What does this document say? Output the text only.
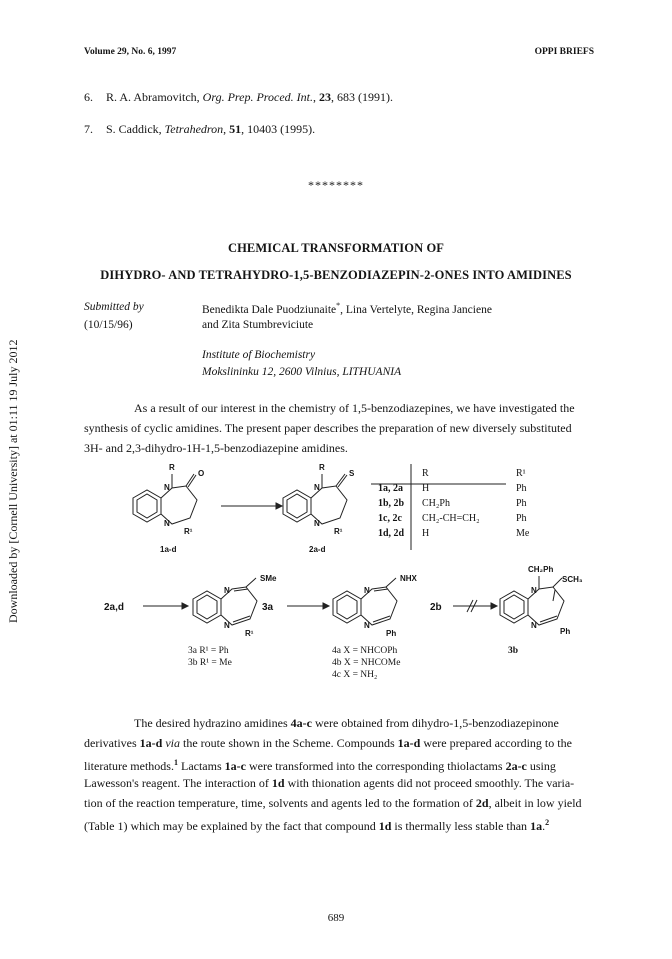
Volume 29, No. 6, 1997	OPPI BRIEFS
Downloaded by [Cornell University] at 01:11 19 July 2012
6. R. A. Abramovitch, Org. Prep. Proced. Int., 23, 683 (1991).
7. S. Caddick, Tetrahedron, 51, 10403 (1995).
********
CHEMICAL TRANSFORMATION OF
DIHYDRO- AND TETRAHYDRO-1,5-BENZODIAZEPIN-2-ONES INTO AMIDINES
Submitted by
(10/15/96)
Benedikta Dale Puodziunaite*, Lina Vertelyte, Regina Janciene
and Zita Stumbreviciute
Institute of Biochemistry
Mokslininku 12, 2600 Vilnius, LITHUANIA
As a result of our interest in the chemistry of 1,5-benzodiazepines, we have investigated the
synthesis of cyclic amidines. The present paper describes the preparation of new diversely substituted
3H- and 2,3-dihydro-1H-1,5-benzodiazepine amidines.
R
O
N
N
R¹
1a-d
R
S
N
N
R¹
2a-d
2a,d
SMe
N
N
R¹
3a
NHX
N
N
Ph
2b
CH₂Ph
SCH₃
N
N
Ph
3a R¹ = Ph
3b R¹ = Me
4a X = NHCOPh
4b X = NHCOMe
4c X = NH₂
3b
	R	R¹
1a, 2a	H	Ph
1b, 2b	CH₂Ph	Ph
1c, 2c	CH₂-CH=CH₂	Ph
1d, 2d	H	Me
The desired hydrazino amidines 4a-c were obtained from dihydro-1,5-benzodiazepinone
derivatives 1a-d via the route shown in the Scheme. Compounds 1a-d were prepared according to the
literature methods.$^1$ Lactams 1a-c were transformed into the corresponding thiolactams 2a-c using
Lawesson's reagent. The interaction of 1d with thionation agents did not proceed smoothly. The varia-
tion of the reaction temperature, time, solvents and agents led to the formation of 2d, albeit in low yield
(Table 1) which may be explained by the fact that compound 1d is thermally less stable than 1a.$^2$
689
